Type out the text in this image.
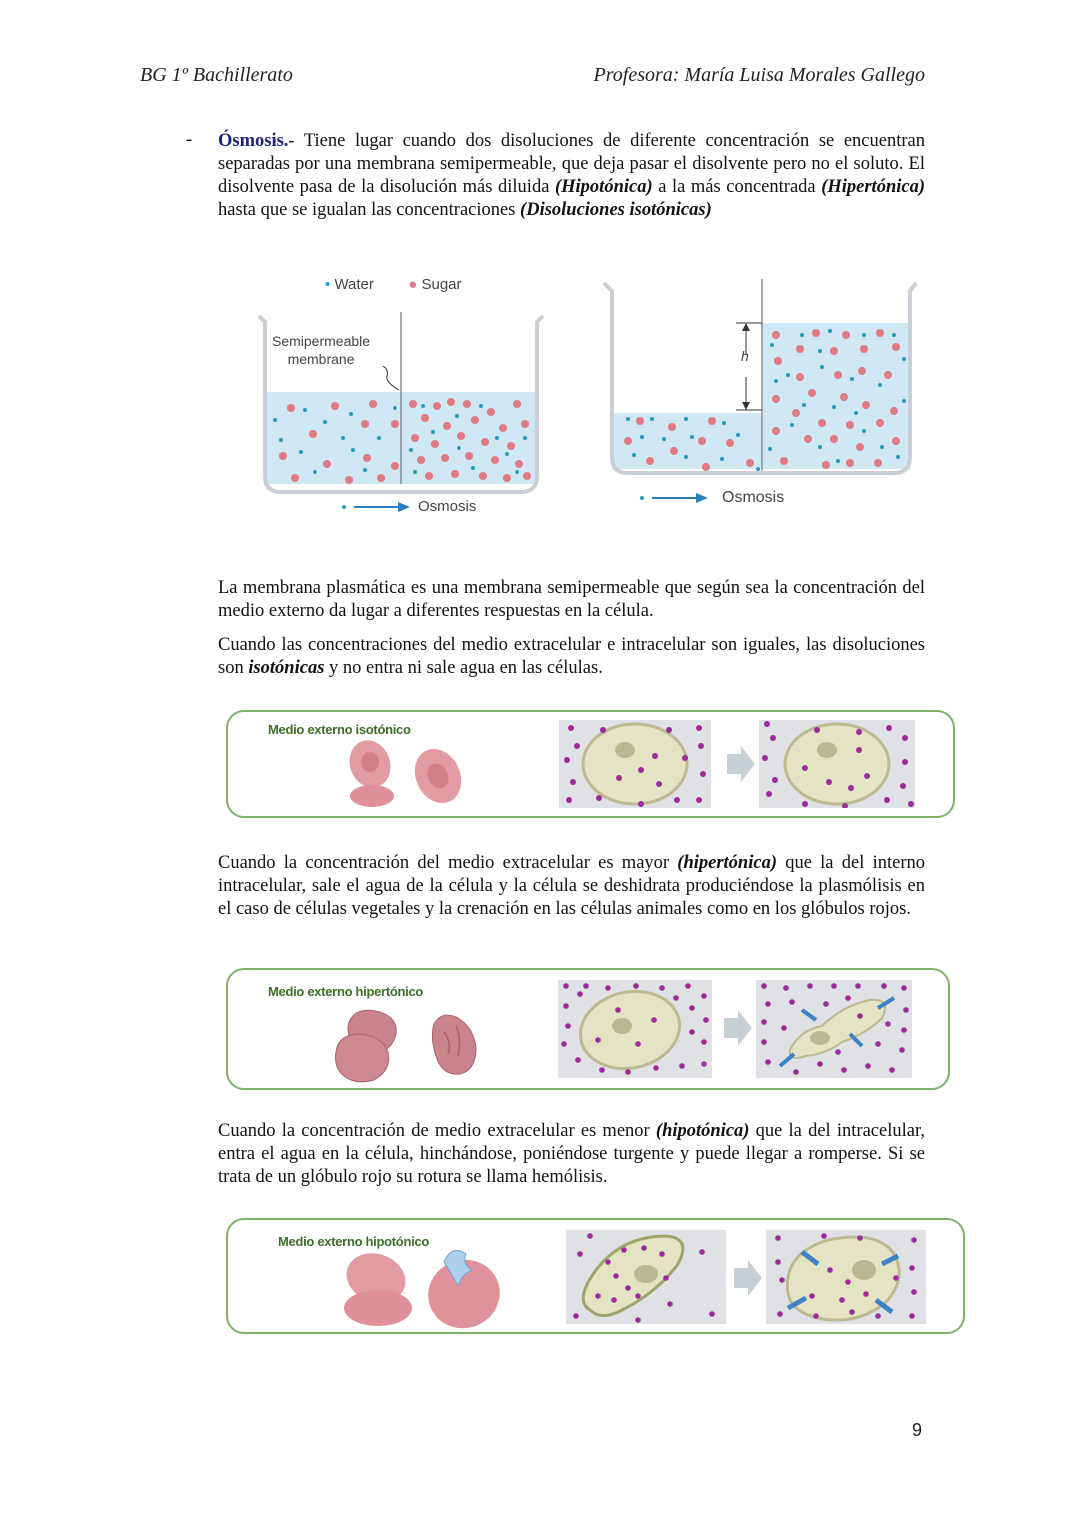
BG 1º Bachillerato	Profesora: María Luisa Morales Gallego
- Ósmosis.- Tiene lugar cuando dos disoluciones de diferente concentración se encuentran separadas por una membrana semipermeable, que deja pasar el disolvente pero no el soluto. El disolvente pasa de la disolución más diluida (Hipotónica) a la más concentrada (Hipertónica) hasta que se igualan las concentraciones (Disoluciones isotónicas)
• Water ● Sugar
Semipermeable
membrane
Osmosis
h
Osmosis
La membrana plasmática es una membrana semipermeable que según sea la concentración del medio externo da lugar a diferentes respuestas en la célula.
Cuando las concentraciones del medio extracelular e intracelular son iguales, las disoluciones son isotónicas y no entra ni sale agua en las células.
Medio externo isotónico
Cuando la concentración del medio extracelular es mayor (hipertónica) que la del interno intracelular, sale el agua de la célula y la célula se deshidrata produciéndose la plasmólisis en el caso de células vegetales y la crenación en las células animales como en los glóbulos rojos.
Medio externo hipertónico
Cuando la concentración de medio extracelular es menor (hipotónica) que la del intracelular, entra el agua en la célula, hinchándose, poniéndose turgente y puede llegar a romperse. Si se trata de un glóbulo rojo su rotura se llama hemólisis.
Medio externo hipotónico
9
